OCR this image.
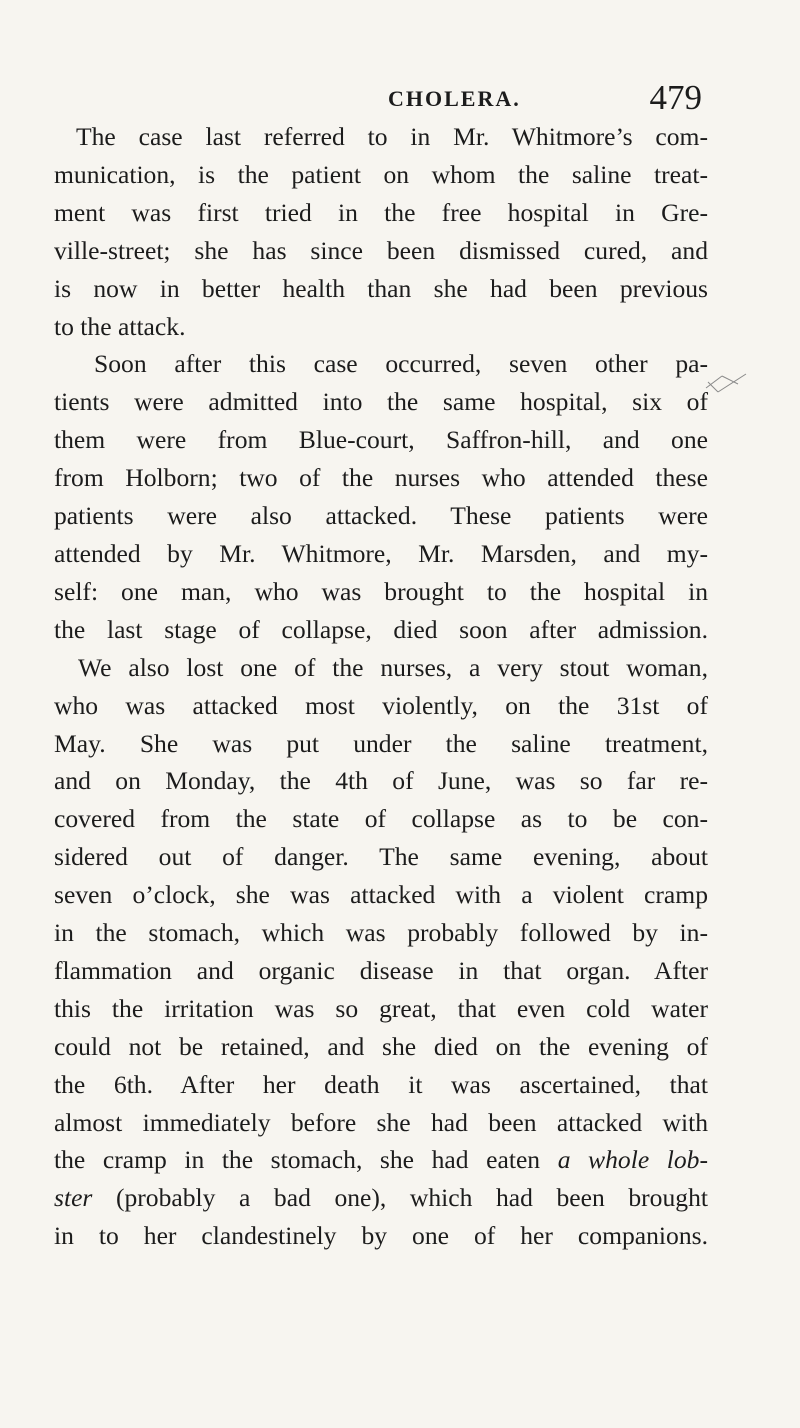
CHOLERA.	479
The case last referred to in Mr. Whitmore’s com-
munication, is the patient on whom the saline treat-
ment was first tried in the free hospital in Gre-
ville-street; she has since been dismissed cured, and
is now in better health than she had been previous
to the attack.
Soon after this case occurred, seven other pa-
tients were admitted into the same hospital, six of
them were from Blue-court, Saffron-hill, and one
from Holborn; two of the nurses who attended these
patients were also attacked. These patients were
attended by Mr. Whitmore, Mr. Marsden, and my-
self: one man, who was brought to the hospital in
the last stage of collapse, died soon after admission.
We also lost one of the nurses, a very stout woman,
who was attacked most violently, on the 31st of
May. She was put under the saline treatment,
and on Monday, the 4th of June, was so far re-
covered from the state of collapse as to be con-
sidered out of danger. The same evening, about
seven o’clock, she was attacked with a violent cramp
in the stomach, which was probably followed by in-
flammation and organic disease in that organ. After
this the irritation was so great, that even cold water
could not be retained, and she died on the evening of
the 6th. After her death it was ascertained, that
almost immediately before she had been attacked with
the cramp in the stomach, she had eaten a whole lob-
ster (probably a bad one), which had been brought
in to her clandestinely by one of her companions.
